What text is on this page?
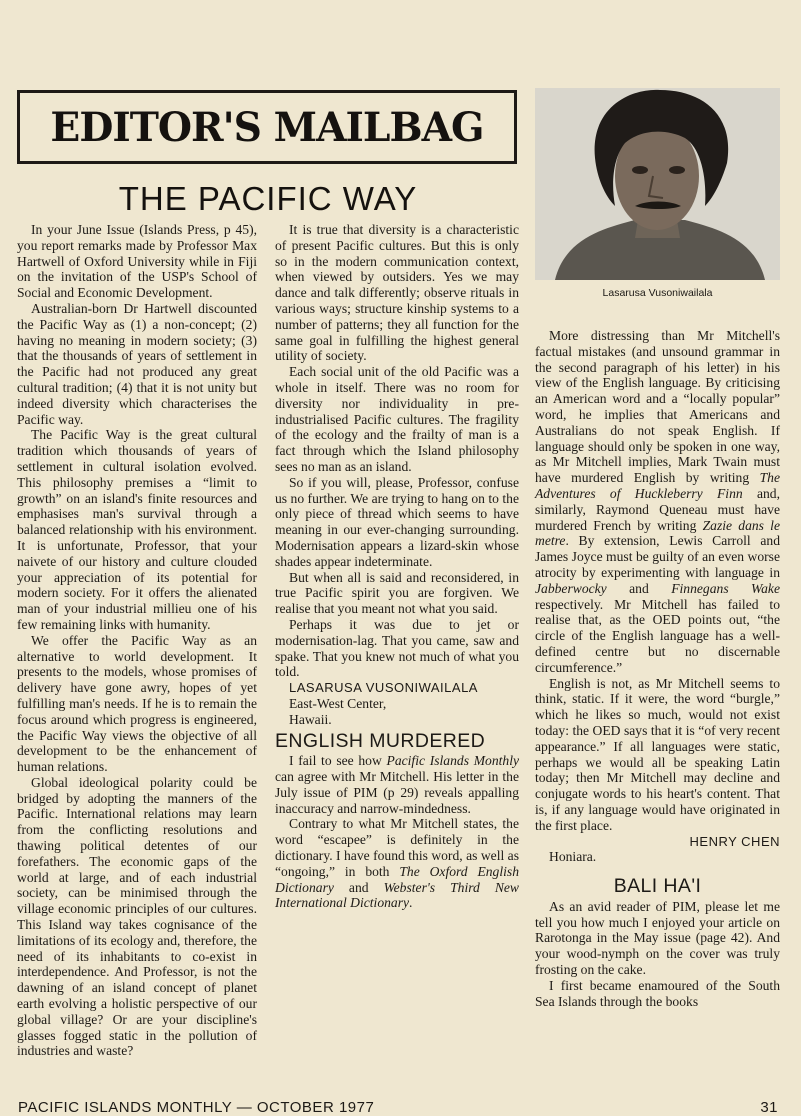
EDITOR'S MAILBAG
THE PACIFIC WAY
Lasarusa Vusoniwailala

In your June Issue (Islands Press, p 45), you report remarks made by Professor Max Hartwell of Oxford University while in Fiji on the invitation of the USP's School of Social and Economic Development.

Australian-born Dr Hartwell discounted the Pacific Way as (1) a non-concept; (2) having no meaning in modern society; (3) that the thousands of years of settlement in the Pacific had not produced any great cultural tradition; (4) that it is not unity but indeed diversity which characterises the Pacific way.

The Pacific Way is the great cultural tradition which thousands of years of settlement in cultural isolation evolved. This philosophy premises a “limit to growth” on an island's finite resources and emphasises man's survival through a balanced relationship with his environment. It is unfortunate, Professor, that your naivete of our history and culture clouded your appreciation of its potential for modern society. For it offers the alienated man of your industrial millieu one of his few remaining links with humanity.

We offer the Pacific Way as an alternative to world development. It presents to the models, whose promises of delivery have gone awry, hopes of yet fulfilling man's needs. If he is to remain the focus around which progress is engineered, the Pacific Way views the objective of all development to be the enhancement of human relations.

Global ideological polarity could be bridged by adopting the manners of the Pacific. International relations may learn from the conflicting resolutions and thawing political detentes of our forefathers. The economic gaps of the world at large, and of each industrial society, can be minimised through the village economic principles of our cultures. This Island way takes cognisance of the limitations of its ecology and, therefore, the need of its inhabitants to co-exist in interdependence. And Professor, is not the dawning of an island concept of planet earth evolving a holistic perspective of our global village? Or are your discipline's glasses fogged static in the pollution of industries and waste?

It is true that diversity is a characteristic of present Pacific cultures. But this is only so in the modern communication context, when viewed by outsiders. Yes we may dance and talk differently; observe rituals in various ways; structure kinship systems to a number of patterns; they all function for the same goal in fulfilling the highest general utility of society.

Each social unit of the old Pacific was a whole in itself. There was no room for diversity nor individuality in pre-industrialised Pacific cultures. The fragility of the ecology and the frailty of man is a fact through which the Island philosophy sees no man as an island.

So if you will, please, Professor, confuse us no further. We are trying to hang on to the only piece of thread which seems to have meaning in our ever-changing surrounding. Modernisation appears a lizard-skin whose shades appear indeterminate.

But when all is said and reconsidered, in true Pacific spirit you are forgiven. We realise that you meant not what you said.

Perhaps it was due to jet or modernisation-lag. That you came, saw and spake. That you knew not much of what you told.

LASARUSA VUSONIWAILALA

East-West Center,

Hawaii.

ENGLISH MURDERED

I fail to see how Pacific Islands Monthly can agree with Mr Mitchell. His letter in the July issue of PIM (p 29) reveals appalling inaccuracy and narrow-mindedness.

Contrary to what Mr Mitchell states, the word “escapee” is definitely in the dictionary. I have found this word, as well as “ongoing,” in both The Oxford English Dictionary and Webster's Third New International Dictionary.

More distressing than Mr Mitchell's factual mistakes (and unsound grammar in the second paragraph of his letter) in his view of the English language. By criticising an American word and a “locally popular” word, he implies that Americans and Australians do not speak English. If language should only be spoken in one way, as Mr Mitchell implies, Mark Twain must have murdered English by writing The Adventures of Huckleberry Finn and, similarly, Raymond Queneau must have murdered French by writing Zazie dans le metre. By extension, Lewis Carroll and James Joyce must be guilty of an even worse atrocity by experimenting with language in Jabberwocky and Finnegans Wake respectively. Mr Mitchell has failed to realise that, as the OED points out, “the circle of the English language has a well-defined centre but no discernable circumference.”

English is not, as Mr Mitchell seems to think, static. If it were, the word “burgle,” which he likes so much, would not exist today: the OED says that it is “of very recent appearance.” If all languages were static, perhaps we would all be speaking Latin today; then Mr Mitchell may decline and conjugate words to his heart's content. That is, if any language would have originated in the first place.

HENRY CHEN

Honiara.

BALI HA'I

As an avid reader of PIM, please let me tell you how much I enjoyed your article on Rarotonga in the May issue (page 42). And your wood-nymph on the cover was truly frosting on the cake.

I first became enamoured of the South Sea Islands through the books

PACIFIC ISLANDS MONTHLY — OCTOBER 1977	31
